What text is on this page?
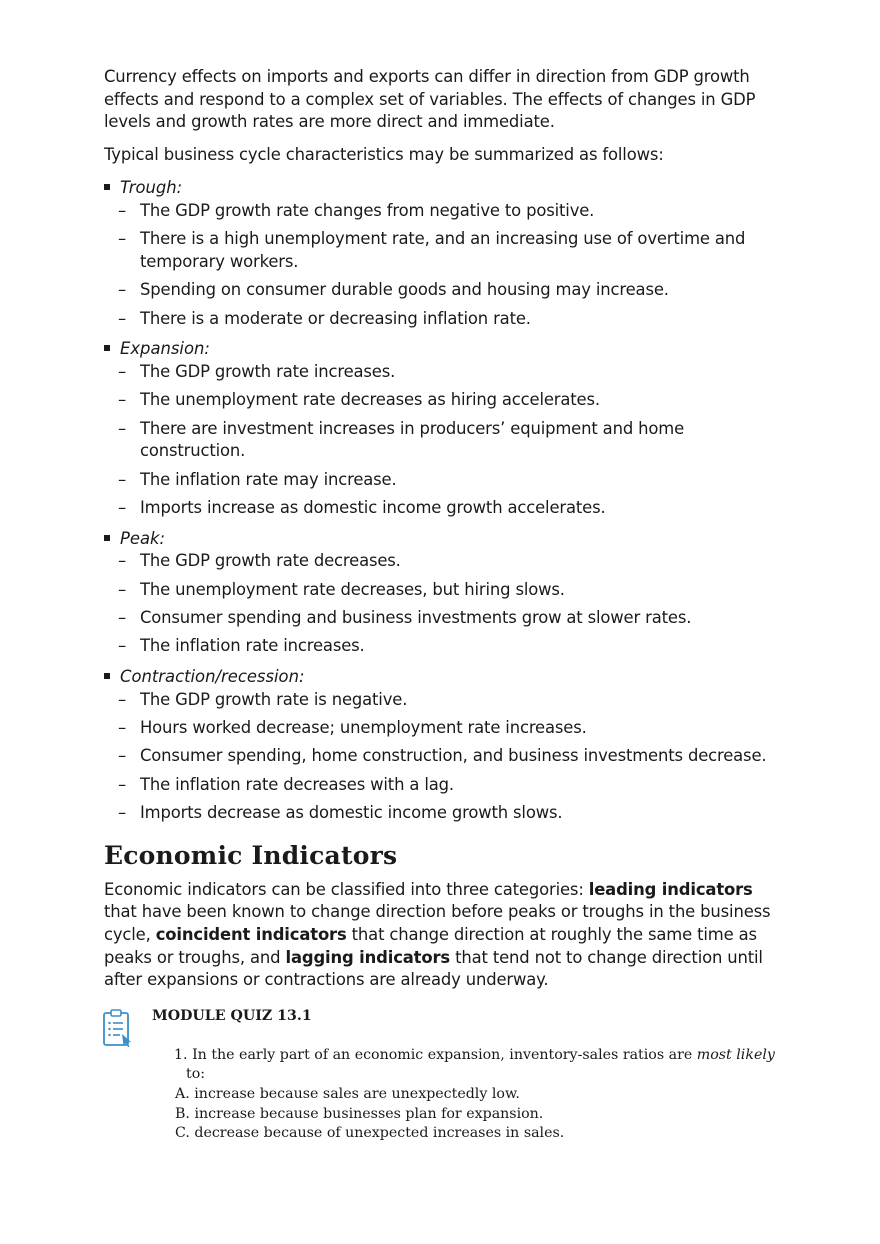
Currency effects on imports and exports can differ in direction from GDP growth effects and respond to a complex set of variables. The effects of changes in GDP levels and growth rates are more direct and immediate.

Typical business cycle characteristics may be summarized as follows:

Trough:
–
The GDP growth rate changes from negative to positive.
–
There is a high unemployment rate, and an increasing use of overtime and temporary workers.
–
Spending on consumer durable goods and housing may increase.
–
There is a moderate or decreasing inflation rate.
Expansion:
–
The GDP growth rate increases.
–
The unemployment rate decreases as hiring accelerates.
–
There are investment increases in producers’ equipment and home construction.
–
The inflation rate may increase.
–
Imports increase as domestic income growth accelerates.
Peak:
–
The GDP growth rate decreases.
–
The unemployment rate decreases, but hiring slows.
–
Consumer spending and business investments grow at slower rates.
–
The inflation rate increases.
Contraction/recession:
–
The GDP growth rate is negative.
–
Hours worked decrease; unemployment rate increases.
–
Consumer spending, home construction, and business investments decrease.
–
The inflation rate decreases with a lag.
–
Imports decrease as domestic income growth slows.
Economic Indicators

Economic indicators can be classified into three categories: leading indicators that have been known to change direction before peaks or troughs in the business cycle, coincident indicators that change direction at roughly the same time as peaks or troughs, and lagging indicators that tend not to change direction until after expansions or contractions are already underway.

MODULE QUIZ 13.1
1. In the early part of an economic expansion, inventory-sales ratios are most likely to:
A. increase because sales are unexpectedly low.
B. increase because businesses plan for expansion.
C. decrease because of unexpected increases in sales.
